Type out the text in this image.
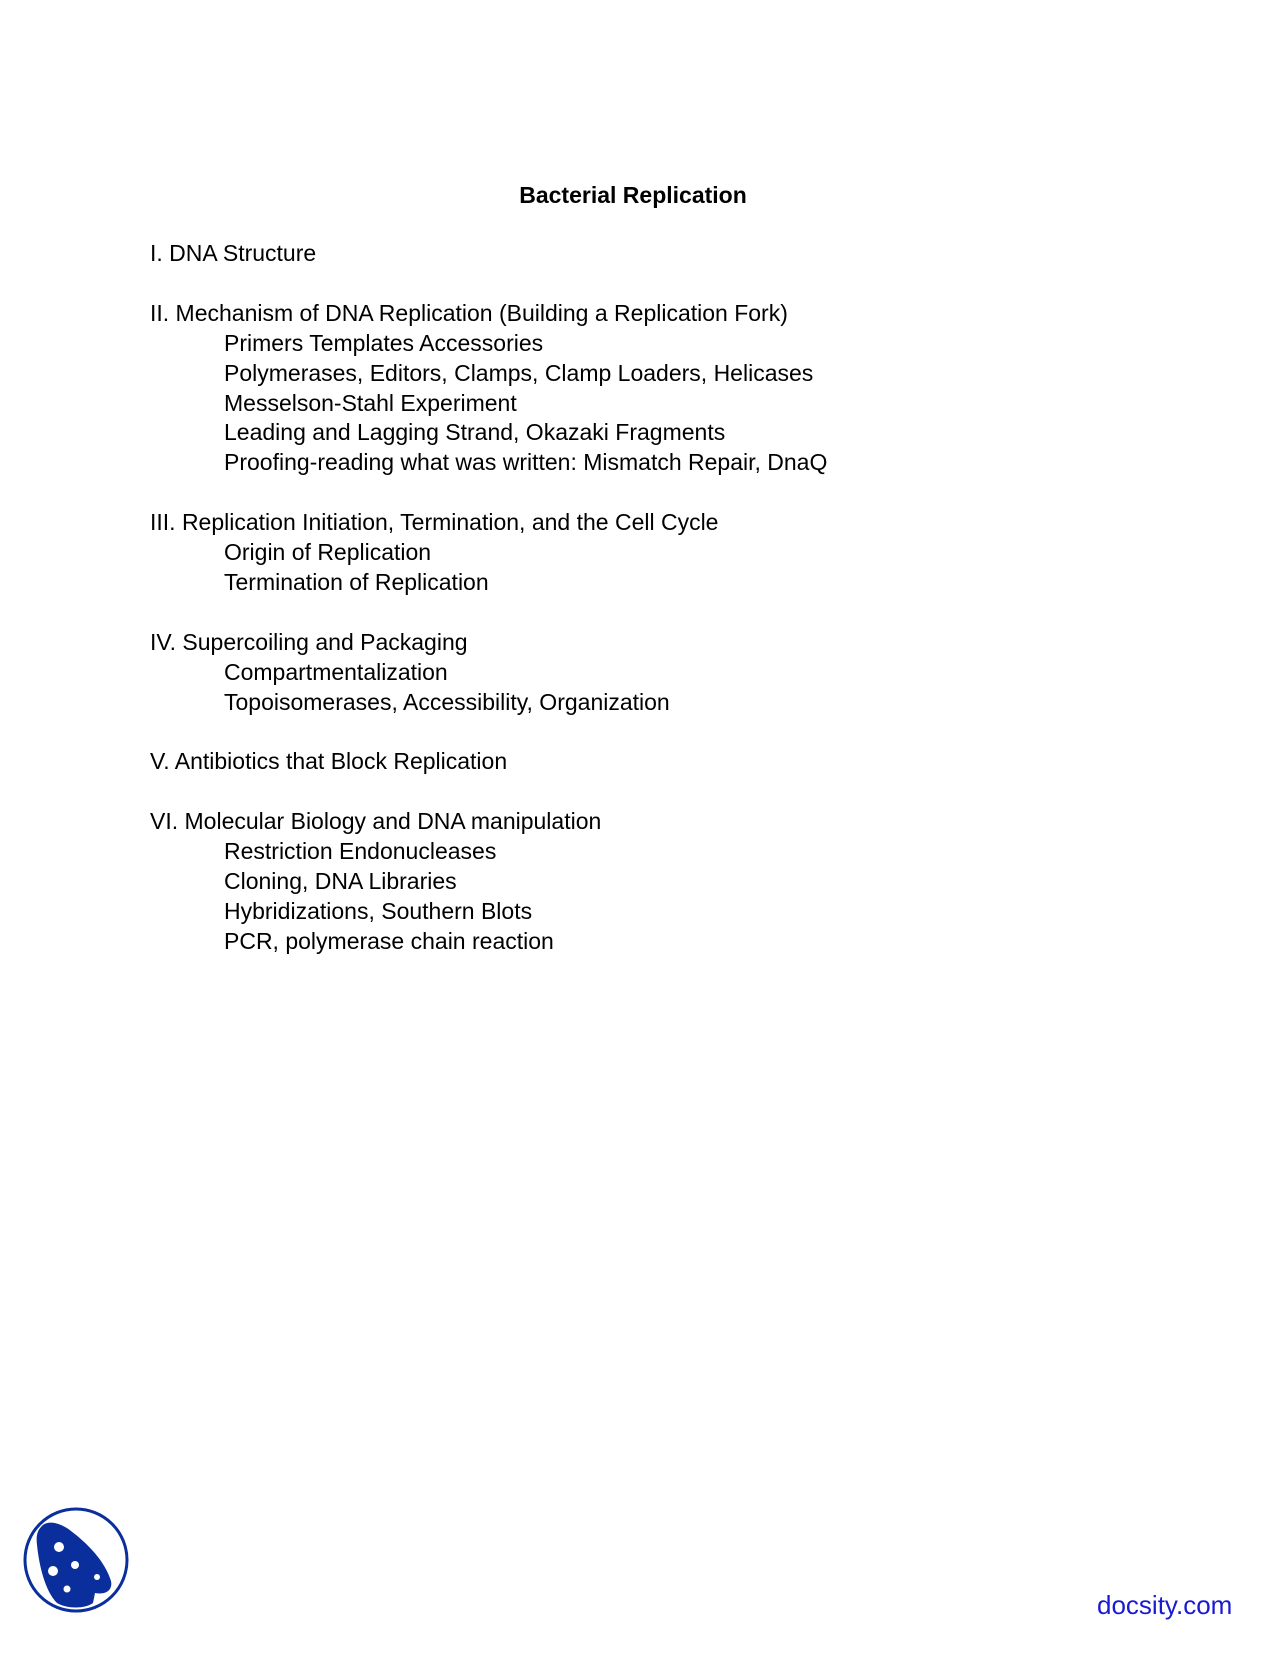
Bacterial Replication
I. DNA Structure
II. Mechanism of DNA Replication (Building a Replication Fork)
Primers Templates Accessories
Polymerases, Editors, Clamps, Clamp Loaders, Helicases
Messelson-Stahl Experiment
Leading and Lagging Strand, Okazaki Fragments
Proofing-reading what was written: Mismatch Repair, DnaQ
III. Replication Initiation, Termination, and the Cell Cycle
Origin of Replication
Termination of Replication
IV. Supercoiling and Packaging
Compartmentalization
Topoisomerases, Accessibility, Organization
V. Antibiotics that Block Replication
VI. Molecular Biology and DNA manipulation
Restriction Endonucleases
Cloning, DNA Libraries
Hybridizations, Southern Blots
PCR, polymerase chain reaction
docsity.com
